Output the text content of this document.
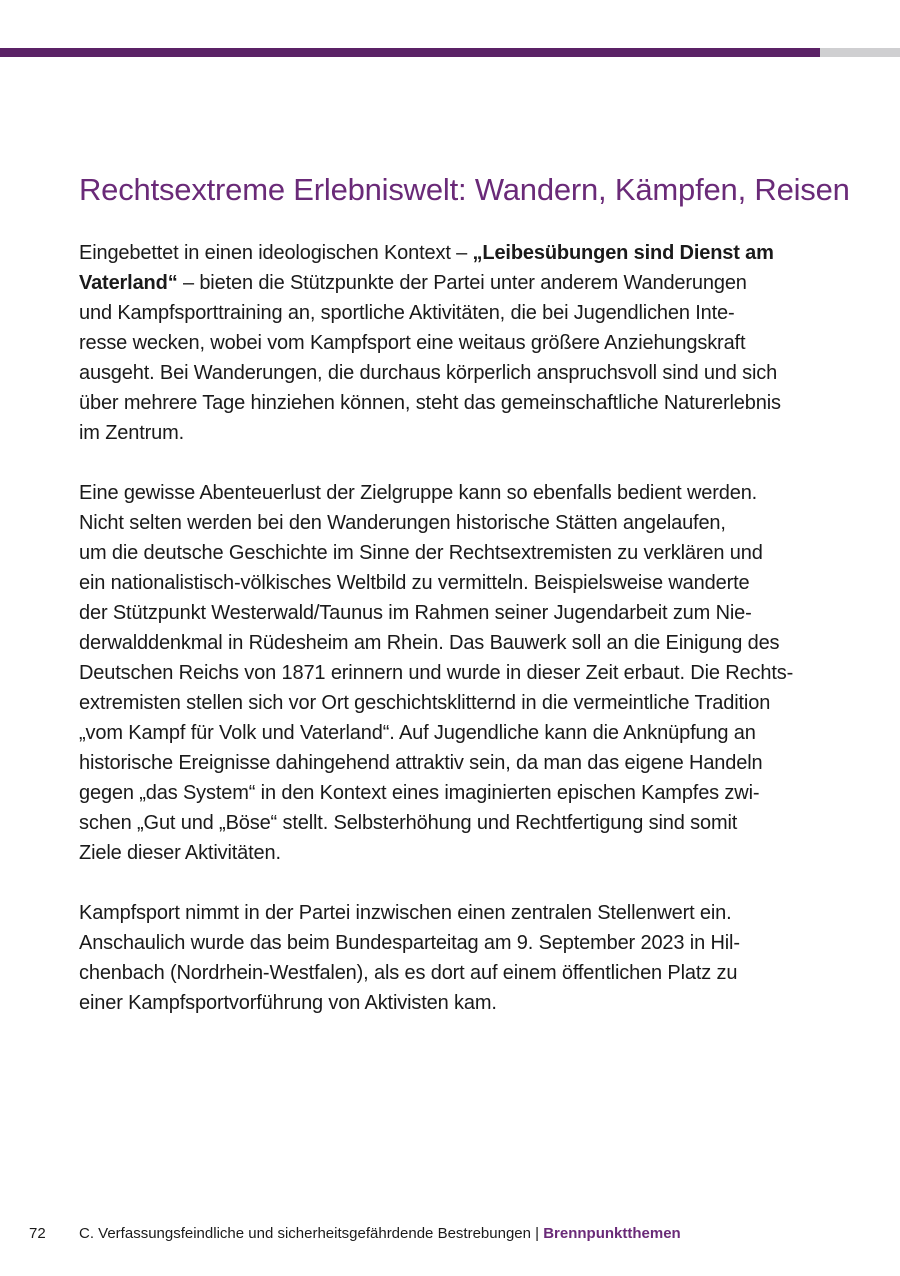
Rechtsextreme Erlebniswelt: Wandern, Kämpfen, Reisen

Eingebettet in einen ideologischen Kontext – „Leibesübungen sind Dienst am
Vaterland“ – bieten die Stützpunkte der Partei unter anderem Wanderungen
und Kampfsporttraining an, sportliche Aktivitäten, die bei Jugendlichen Inte-
resse wecken, wobei vom Kampfsport eine weitaus größere Anziehungskraft
ausgeht. Bei Wanderungen, die durchaus körperlich anspruchsvoll sind und sich
über mehrere Tage hinziehen können, steht das gemeinschaftliche Naturerlebnis
im Zentrum.

Eine gewisse Abenteuerlust der Zielgruppe kann so ebenfalls bedient werden.
Nicht selten werden bei den Wanderungen historische Stätten angelaufen,
um die deutsche Geschichte im Sinne der Rechtsextremisten zu verklären und
ein nationalistisch-völkisches Weltbild zu vermitteln. Beispielsweise wanderte
der Stützpunkt Westerwald/Taunus im Rahmen seiner Jugendarbeit zum Nie-
derwalddenkmal in Rüdesheim am Rhein. Das Bauwerk soll an die Einigung des
Deutschen Reichs von 1871 erinnern und wurde in dieser Zeit erbaut. Die Rechts-
extremisten stellen sich vor Ort geschichtsklitternd in die vermeintliche Tradition
„vom Kampf für Volk und Vaterland“. Auf Jugendliche kann die Anknüpfung an
historische Ereignisse dahingehend attraktiv sein, da man das eigene Handeln
gegen „das System“ in den Kontext eines imaginierten epischen Kampfes zwi-
schen „Gut und „Böse“ stellt. Selbsterhöhung und Rechtfertigung sind somit
Ziele dieser Aktivitäten.

Kampfsport nimmt in der Partei inzwischen einen zentralen Stellenwert ein.
Anschaulich wurde das beim Bundesparteitag am 9. September 2023 in Hil-
chenbach (Nordrhein-Westfalen), als es dort auf einem öffentlichen Platz zu
einer Kampfsportvorführung von Aktivisten kam.

72 C. Verfassungsfeindliche und sicherheitsgefährdende Bestrebungen | Brennpunktthemen
